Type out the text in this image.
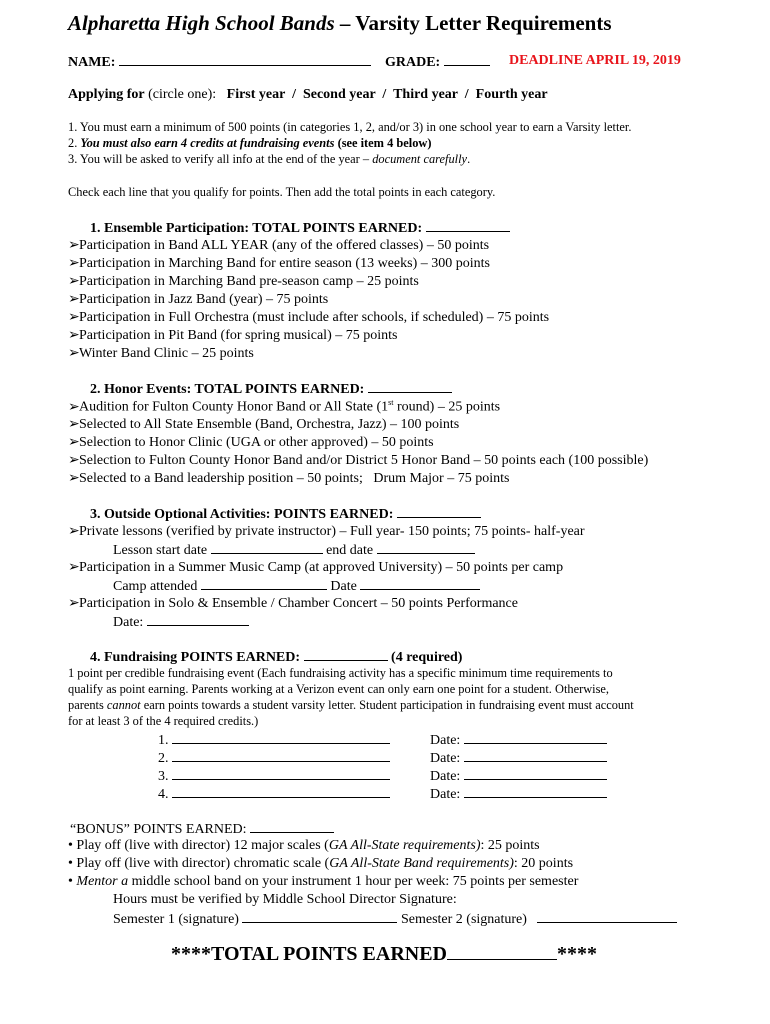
Alpharetta High School Bands – Varsity Letter Requirements
NAME:	GRADE:	DEADLINE APRIL 19, 2019
Applying for (circle one): First year  /  Second year  /  Third year  /  Fourth year
1. You must earn a minimum of 500 points (in categories 1, 2, and/or 3) in one school year to earn a Varsity letter.
2. You must also earn 4 credits at fundraising events (see item 4 below)
3. You will be asked to verify all info at the end of the year – document carefully.
Check each line that you qualify for points. Then add the total points in each category.
1. Ensemble Participation: TOTAL POINTS EARNED:
➢Participation in Band ALL YEAR (any of the offered classes) – 50 points
➢Participation in Marching Band for entire season (13 weeks) – 300 points
➢Participation in Marching Band pre-season camp – 25 points
➢Participation in Jazz Band (year) – 75 points
➢Participation in Full Orchestra (must include after schools, if scheduled) – 75 points
➢Participation in Pit Band (for spring musical) – 75 points
➢Winter Band Clinic – 25 points
2. Honor Events: TOTAL POINTS EARNED:
➢Audition for Fulton County Honor Band or All State (1st round) – 25 points
➢Selected to All State Ensemble (Band, Orchestra, Jazz) – 100 points
➢Selection to Honor Clinic (UGA or other approved) – 50 points
➢Selection to Fulton County Honor Band and/or District 5 Honor Band – 50 points each (100 possible)
➢Selected to a Band leadership position – 50 points;   Drum Major – 75 points
3. Outside Optional Activities: POINTS EARNED:
➢Private lessons (verified by private instructor) – Full year- 150 points; 75 points- half-year
Lesson start date	end date
➢Participation in a Summer Music Camp (at approved University) – 50 points per camp
Camp attended	Date
➢Participation in Solo & Ensemble / Chamber Concert – 50 points Performance
Date:
4. Fundraising POINTS EARNED:	(4 required)
1 point per credible fundraising event (Each fundraising activity has a specific minimum time requirements to
qualify as point earning. Parents working at a Verizon event can only earn one point for a student. Otherwise,
parents cannot earn points towards a student varsity letter. Student participation in fundraising event must account
for at least 3 of the 4 required credits.)
1.	Date:
2.	Date:
3.	Date:
4.	Date:
“BONUS” POINTS EARNED:
• Play off (live with director) 12 major scales (GA All-State requirements): 25 points
• Play off (live with director) chromatic scale (GA All-State Band requirements): 20 points
• Mentor a middle school band on your instrument 1 hour per week: 75 points per semester
Hours must be verified by Middle School Director Signature:
Semester 1 (signature)	Semester 2 (signature)
****TOTAL POINTS EARNED	****
